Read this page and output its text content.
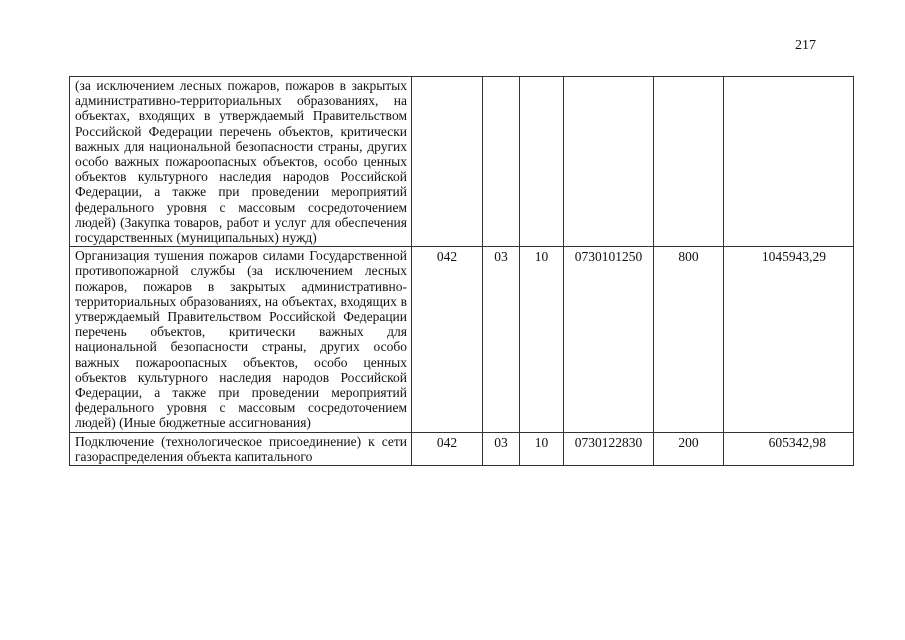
217
(за исключением лесных пожаров, пожаров в закрытых административно-территориальных образованиях, на объектах, входящих в утверждаемый Правительством Российской Федерации перечень объектов, критически важных для национальной безопасности страны, других особо важных пожароопасных объектов, особо ценных объектов культурного наследия народов Российской Федерации, а также при проведении мероприятий федерального уровня с массовым сосредоточением людей) (Закупка товаров, работ и услуг для обеспечения государственных (муниципальных) нужд)						
Организация тушения пожаров силами Государственной противопожарной службы (за исключением лесных пожаров, пожаров в закрытых административно-территориальных образованиях, на объектах, входящих в утверждаемый Правительством Российской Федерации перечень объектов, критически важных для национальной безопасности страны, других особо важных пожароопасных объектов, особо ценных объектов культурного наследия народов Российской Федерации, а также при проведении мероприятий федерального уровня с массовым сосредоточением людей) (Иные бюджетные ассигнования)	042	03	10	0730101250	800	1045943,29

Подключение (технологическое присоединение) к сети газораспределения объекта капитального	042	03	10	0730122830	200	605342,98
